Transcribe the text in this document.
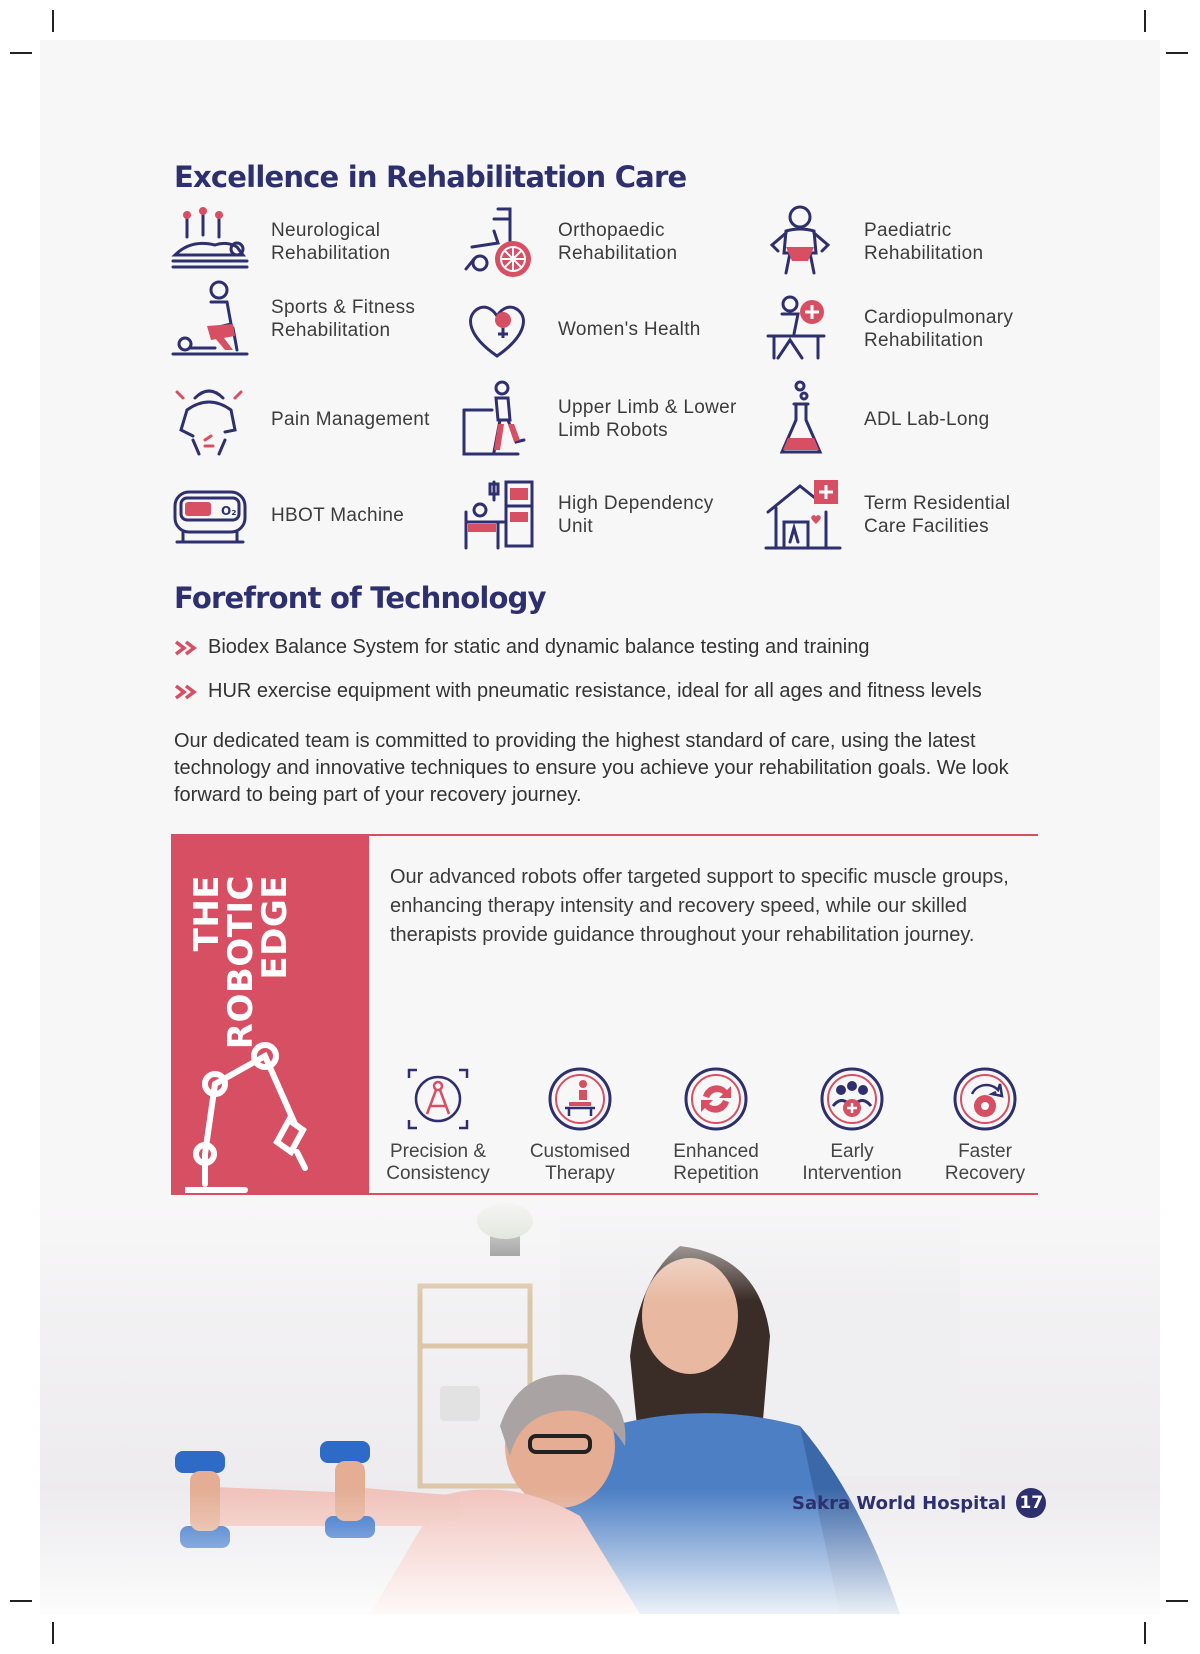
Excellence in Rehabilitation Care
Neurological Rehabilitation
Orthopaedic Rehabilitation
Paediatric Rehabilitation
Sports & Fitness Rehabilitation	Women's Health
Cardiopulmonary Rehabilitation
Pain Management
Upper Limb & Lower Limb Robots
ADL Lab-Long
O₂ HBOT Machine
High Dependency Unit
Term Residential Care Facilities
Forefront of Technology
Biodex Balance System for static and dynamic balance testing and training
HUR exercise equipment with pneumatic resistance, ideal for all ages and fitness levels

Our dedicated team is committed to providing the highest standard of care, using the latest technology and innovative techniques to ensure you achieve your rehabilitation goals. We look forward to being part of your recovery journey.

THE
ROBOTIC
EDGE	Our advanced robots offer targeted support to specific muscle groups, enhancing therapy intensity and recovery speed, while our skilled therapists provide guidance throughout your rehabilitation journey.

Precision & Consistency
Customised Therapy
Enhanced Repetition
Early Intervention
Faster Recovery
Sakra World Hospital 17
